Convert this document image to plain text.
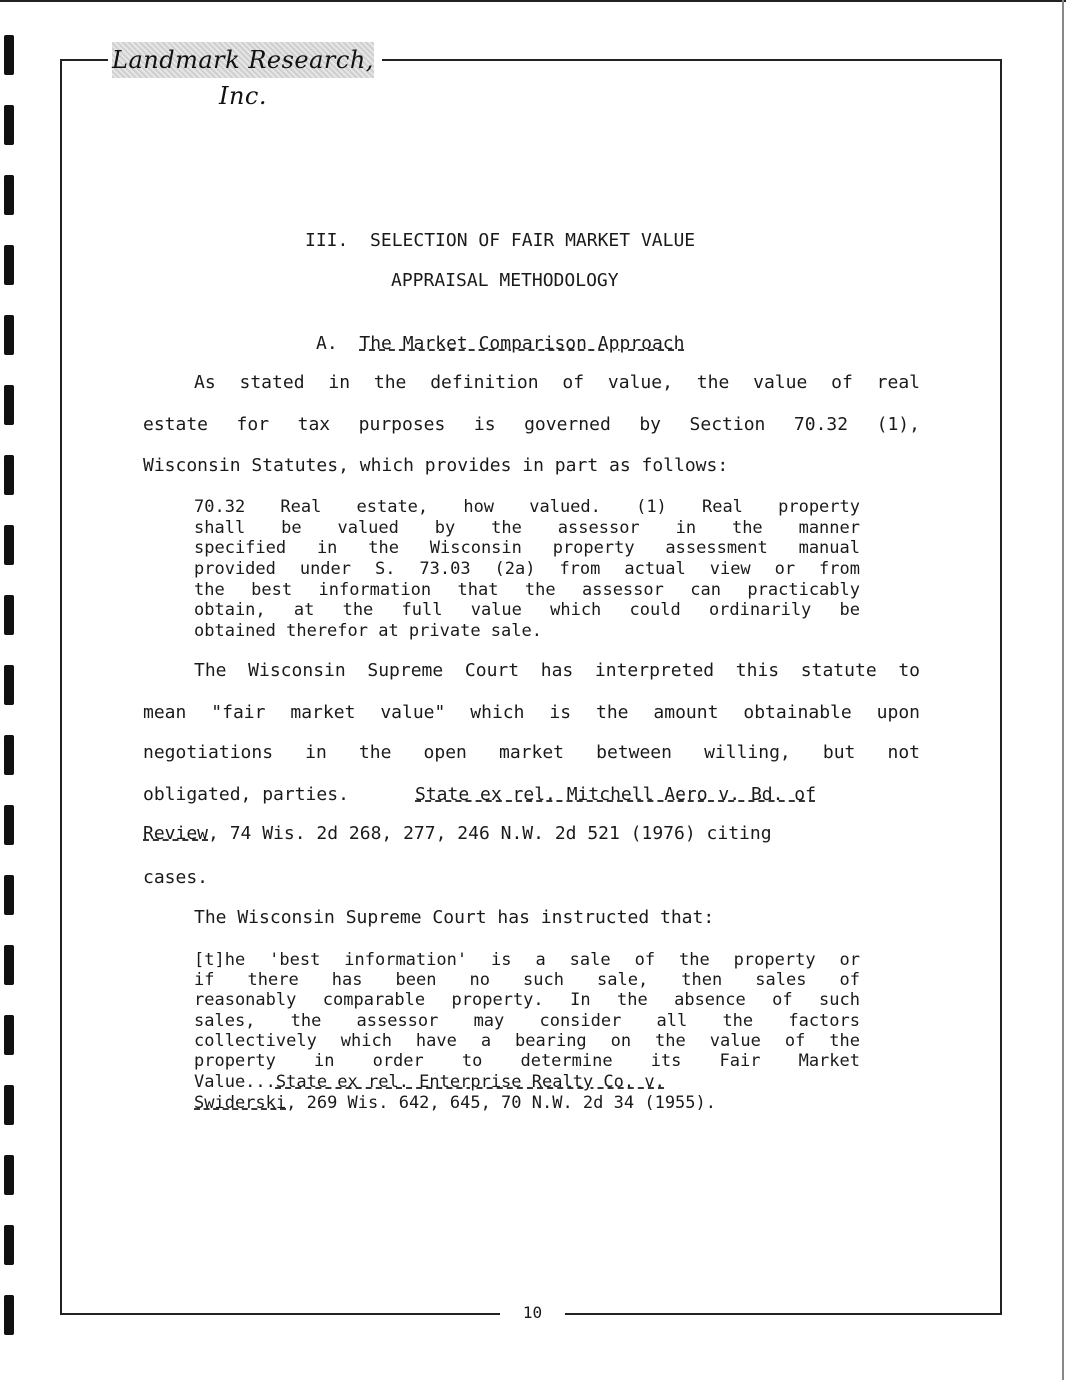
Landmark Research, Inc.
III.  SELECTION OF FAIR MARKET VALUE
APPRAISAL METHODOLOGY
A. The Market Comparison Approach
As stated in the definition of value, the value of real
estate for tax purposes is governed by Section 70.32 (1),
Wisconsin Statutes, which provides in part as follows:
70.32 Real estate, how valued. (1) Real property
shall be valued by the assessor in the manner
specified in the Wisconsin property assessment manual
provided under S. 73.03 (2a) from actual view or from
the best information that the assessor can practicably
obtain, at the full value which could ordinarily be
obtained therefor at private sale.
The Wisconsin Supreme Court has interpreted this statute to
mean "fair market value" which is the amount obtainable upon
negotiations in the open market between willing, but not
obligated, parties.	State ex rel. Mitchell Aero v. Bd. of
Review, 74 Wis. 2d 268, 277, 246 N.W. 2d 521 (1976) citing
cases.
The Wisconsin Supreme Court has instructed that:
[t]he 'best information' is a sale of the property or
if there has been no such sale, then sales of
reasonably comparable property. In the absence of such
sales, the assessor may consider all the factors
collectively which have a bearing on the value of the
property in order to determine its Fair Market
Value...State ex rel. Enterprise Realty Co. v.
Swiderski, 269 Wis. 642, 645, 70 N.W. 2d 34 (1955).
10
